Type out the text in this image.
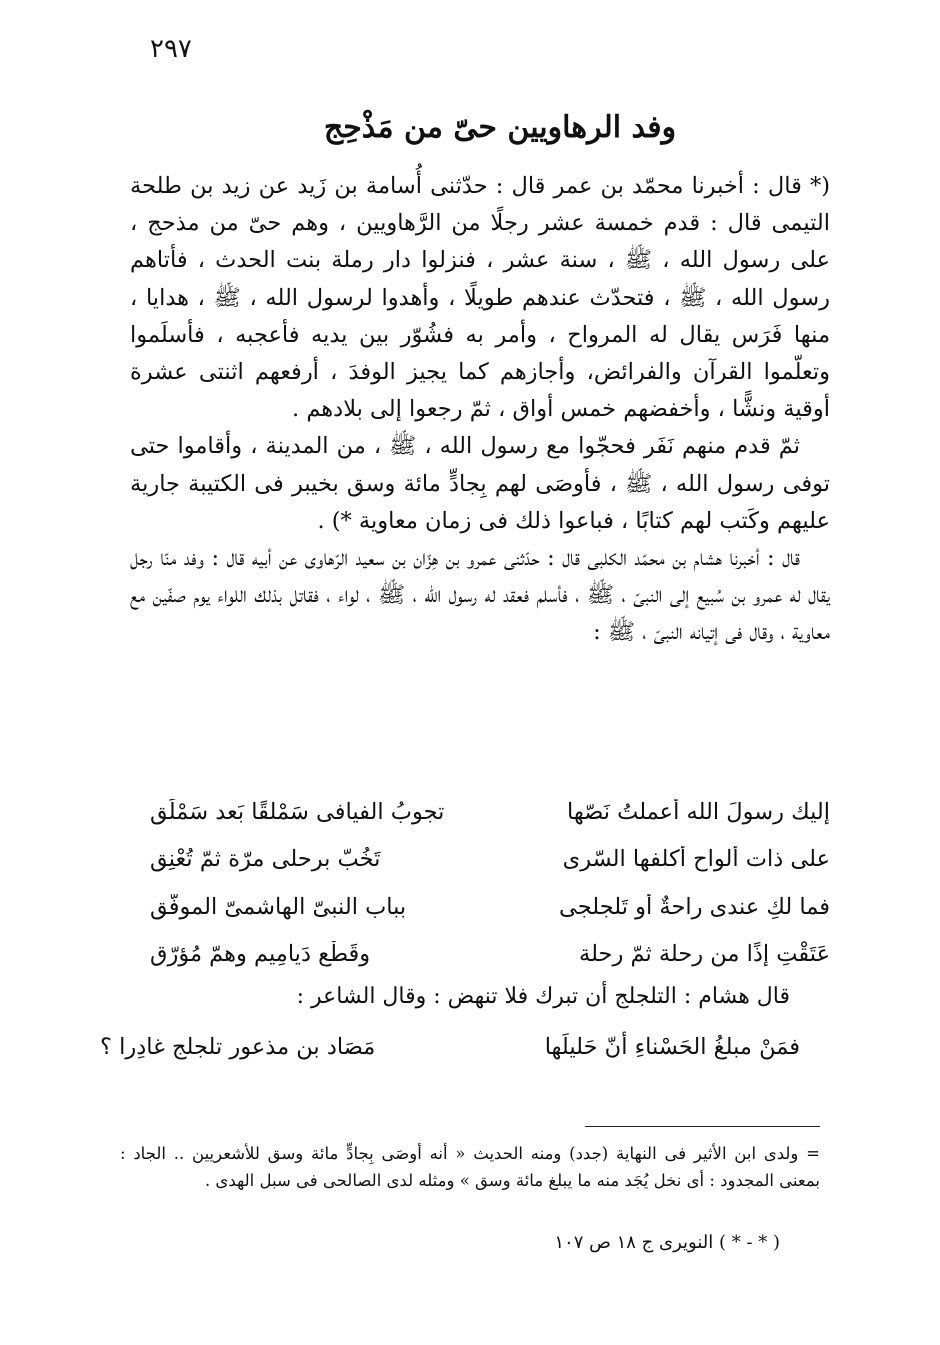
٢٩٧
وفد الرهاويين حىّ من مَذْحِج

(* قال : أخبرنا محمّد بن عمر قال : حدّثنى أُسامة بن زَيد عن زيد بن طلحة التيمى قال : قدم خمسة عشر رجلًا من الرَّهاويين ، وهم حىّ من مذحج ، على رسول الله ، ﷺ ، سنة عشر ، فنزلوا دار رملة بنت الحدث ، فأتاهم رسول الله ، ﷺ ، فتحدّث عندهم طويلًا ، وأهدوا لرسول الله ، ﷺ ، هدايا ، منها فَرَس يقال له المرواح ، وأمر به فشُوّر بين يديه فأعجبه ، فأسلَموا وتعلّموا القرآن والفرائض، وأجازهم كما يجيز الوفدَ ، أرفعهم اثنتى عشرة أوقية ونشًّا ، وأخفضهم خمس أواق ، ثمّ رجعوا إلى بلادهم .

ثمّ قدم منهم نَفَر فحجّوا مع رسول الله ، ﷺ ، من المدينة ، وأقاموا حتى توفى رسول الله ، ﷺ ، فأوصَى لهم بِجادٍّ مائة وسق بخيبر فى الكتيبة جارية عليهم وكَتب لهم كتابًا ، فباعوا ذلك فى زمان معاوية *) .

قال : أخبرنا هشام بن محمّد الكلبى قال : حدّثنى عمرو بن هِزّان بن سعيد الرّهاوى عن أبيه قال : وفد منّا رجل يقال له عمرو بن سُبيع إلى النبىّ ، ﷺ ، فأسلم فعقد له رسول الله ، ﷺ ، لواء ، فقاتل بذلك اللواء يوم صفّين مع معاوية ، وقال فى إتيانه النبىّ ، ﷺ :

إليك رسولَ الله أعملتُ نَصّها
تجوبُ الفيافى سَمْلقًا بَعد سَمْلَقِ
على ذات ألواح أكلفها السّرى
تَخُبّ برحلى مرّة ثمّ تُعْنِق
فما لكِ عندى راحةٌ أو تَلجلجى
بباب النبىّ الهاشمىّ الموفّق
عَتَقْتِ إذًا من رحلة ثمّ رحلة
وقَطْع دَيامِيم وهمّ مُؤرّق
قال هشام : التلجلج أن تبرك فلا تنهض : وقال الشاعر :
فمَنْ مبلغُ الحَسْناءِ أنّ حَليلَها
مَصَاد بن مذعور تلجلج غادِرا ؟

= ولدى ابن الأثير فى النهاية (جدد) ومنه الحديث « أنه أوصَى بِجادٍّ مائة وسق للأشعريين .. الجاد : بمعنى المجدود : أى نخل يُجَد منه ما يبلغ مائة وسق » ومثله لدى الصالحى فى سبل الهدى .

( * - * ) النويرى ج ١٨ ص ١٠٧
